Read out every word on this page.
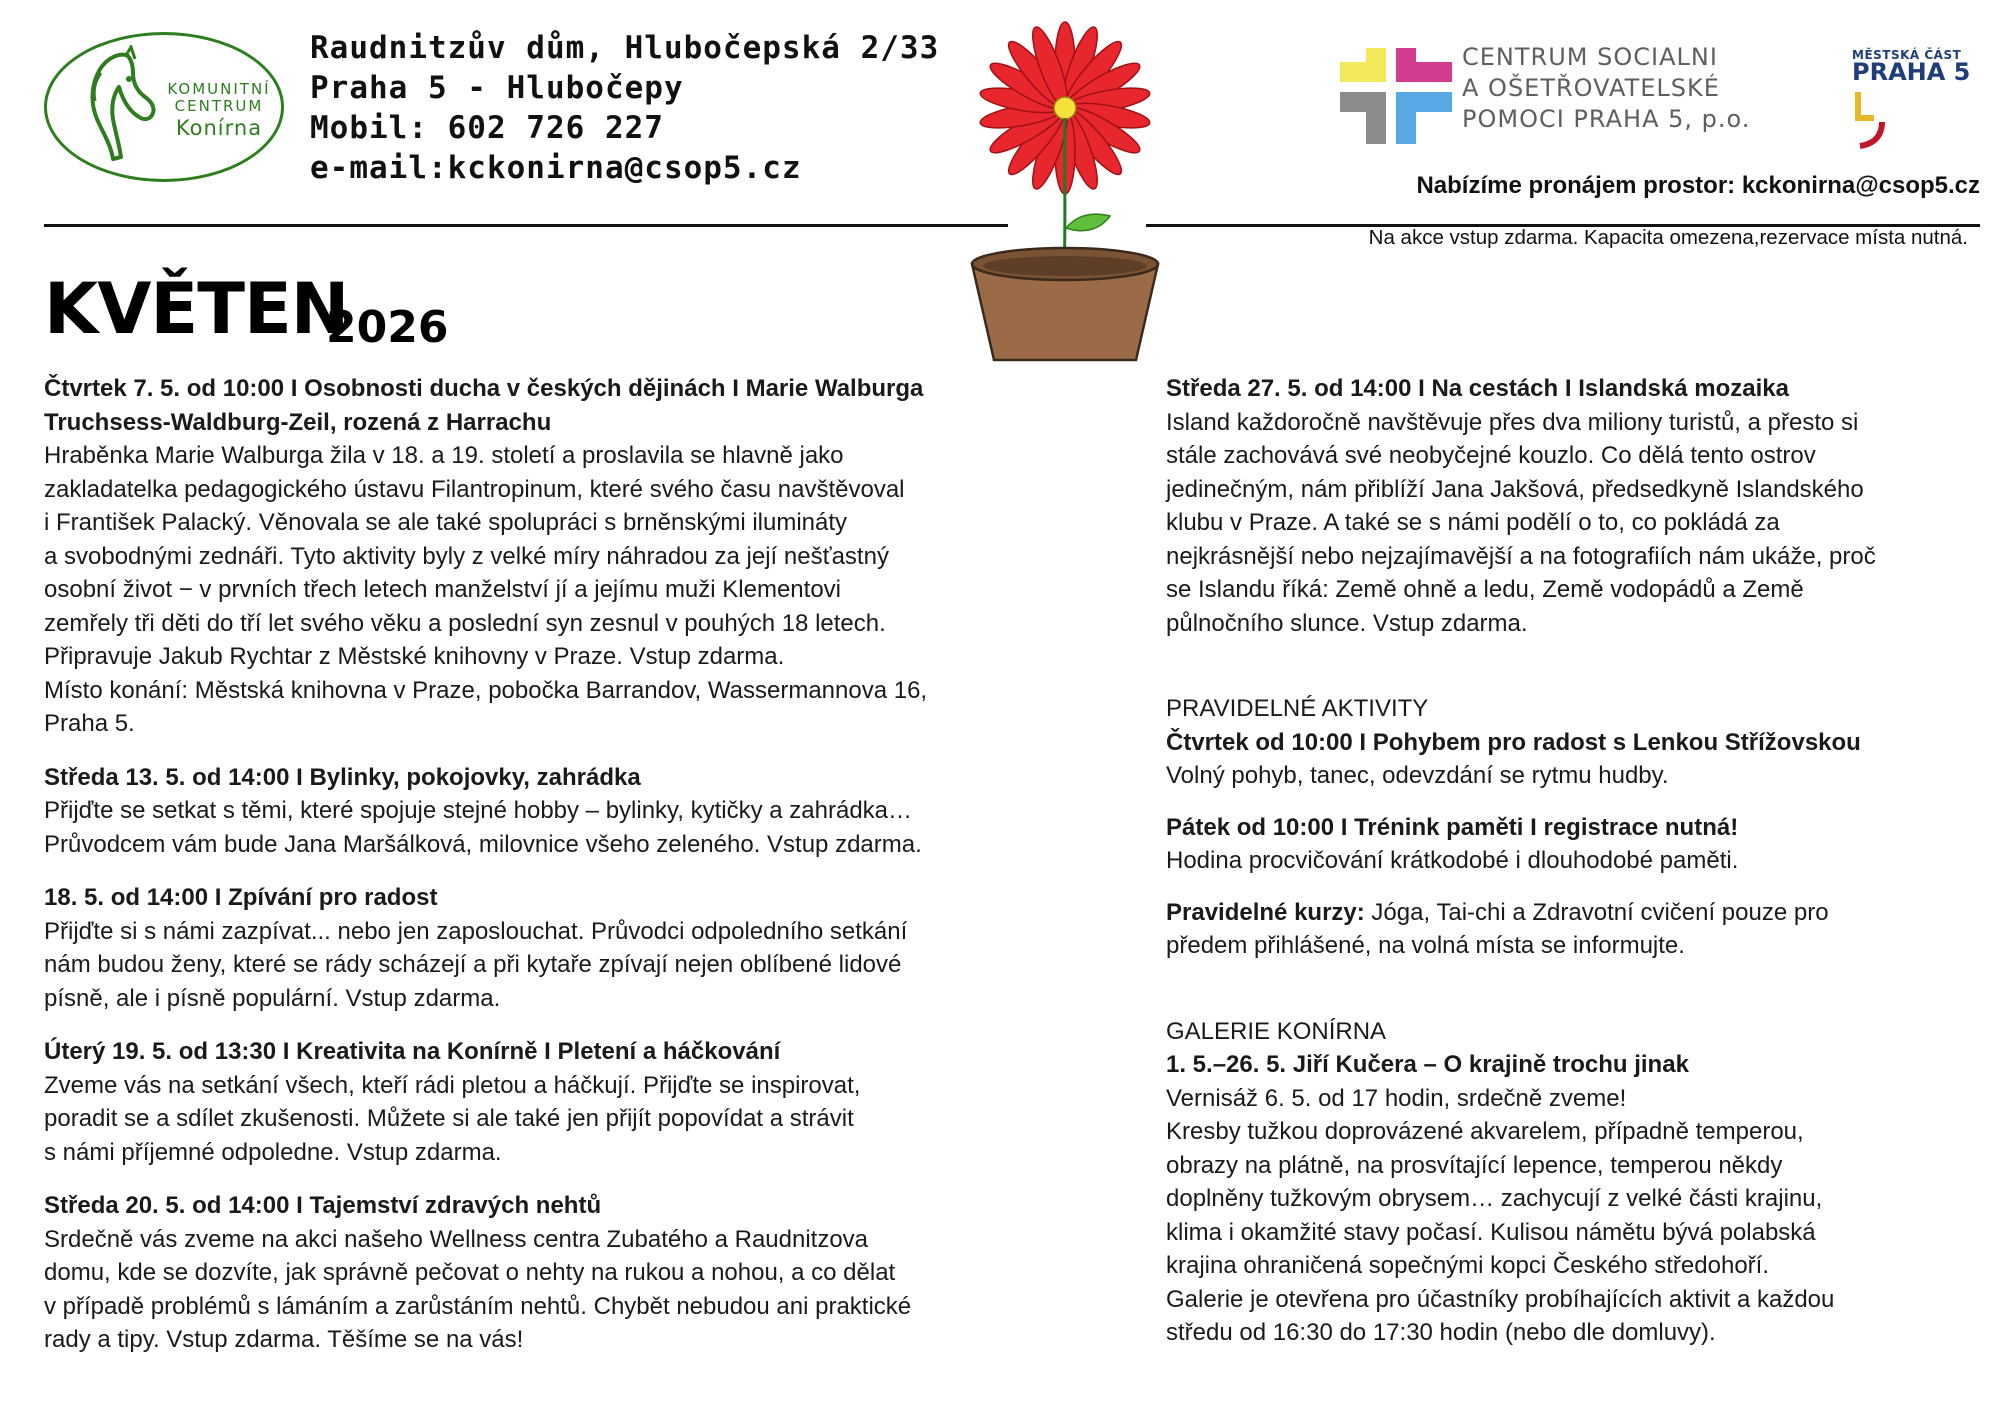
KOMUNITNÍ
CENTRUM
Konírna
Raudnitzův dům, Hlubočepská 2/33
Praha 5 - Hlubočepy
Mobil: 602 726 227
e-mail:kckonirna@csop5.cz
CENTRUM SOCIALNI
A OŠETŘOVATELSKÉ
POMOCI PRAHA 5, p.o.
MĚSTSKÁ ČÁST
PRAHA 5
Nabízíme pronájem prostor: kckonirna@csop5.cz
Na akce vstup zdarma. Kapacita omezena,rezervace místa nutná.
KVĚTEN
2026
Čtvrtek 7. 5. od 10:00 I Osobnosti ducha v českých dějinách I Marie Walburga
Truchsess-Waldburg-Zeil, rozená z Harrachu
Hraběnka Marie Walburga žila v 18. a 19. století a proslavila se hlavně jako
zakladatelka pedagogického ústavu Filantropinum, které svého času navštěvoval
i František Palacký. Věnovala se ale také spolupráci s brněnskými ilumináty
a svobodnými zednáři. Tyto aktivity byly z velké míry náhradou za její nešťastný
osobní život − v prvních třech letech manželství jí a jejímu muži Klementovi
zemřely tři děti do tří let svého věku a poslední syn zesnul v pouhých 18 letech.
Připravuje Jakub Rychtar z Městské knihovny v Praze. Vstup zdarma.
Místo konání: Městská knihovna v Praze, pobočka Barrandov, Wassermannova 16,
Praha 5.
Středa 13. 5. od 14:00 I Bylinky, pokojovky, zahrádka
Přijďte se setkat s těmi, které spojuje stejné hobby – bylinky, kytičky a zahrádka…
Průvodcem vám bude Jana Maršálková, milovnice všeho zeleného. Vstup zdarma.
18. 5. od 14:00 I Zpívání pro radost
Přijďte si s námi zazpívat... nebo jen zaposlouchat. Průvodci odpoledního setkání
nám budou ženy, které se rády scházejí a při kytaře zpívají nejen oblíbené lidové
písně, ale i písně populární. Vstup zdarma.
Úterý 19. 5. od 13:30 I Kreativita na Konírně I Pletení a háčkování
Zveme vás na setkání všech, kteří rádi pletou a háčkují. Přijďte se inspirovat,
poradit se a sdílet zkušenosti. Můžete si ale také jen přijít popovídat a strávit
s námi příjemné odpoledne. Vstup zdarma.
Středa 20. 5. od 14:00 I Tajemství zdravých nehtů
Srdečně vás zveme na akci našeho Wellness centra Zubatého a Raudnitzova
domu, kde se dozvíte, jak správně pečovat o nehty na rukou a nohou, a co dělat
v případě problémů s lámáním a zarůstáním nehtů. Chybět nebudou ani praktické
rady a tipy. Vstup zdarma. Těšíme se na vás!
Středa 27. 5. od 14:00 I Na cestách I Islandská mozaika
Island každoročně navštěvuje přes dva miliony turistů, a přesto si
stále zachovává své neobyčejné kouzlo. Co dělá tento ostrov
jedinečným, nám přiblíží Jana Jakšová, předsedkyně Islandského
klubu v Praze. A také se s námi podělí o to, co pokládá za
nejkrásnější nebo nejzajímavější a na fotografiích nám ukáže, proč
se Islandu říká: Země ohně a ledu, Země vodopádů a Země
půlnočního slunce. Vstup zdarma.
PRAVIDELNÉ AKTIVITY
Čtvrtek od 10:00 I Pohybem pro radost s Lenkou Střížovskou
Volný pohyb, tanec, odevzdání se rytmu hudby.
Pátek od 10:00 I Trénink paměti I registrace nutná!
Hodina procvičování krátkodobé i dlouhodobé paměti.
Pravidelné kurzy: Jóga, Tai-chi a Zdravotní cvičení pouze pro
předem přihlášené, na volná místa se informujte.
GALERIE KONÍRNA
1. 5.–26. 5. Jiří Kučera – O krajině trochu jinak
Vernisáž 6. 5. od 17 hodin, srdečně zveme!
Kresby tužkou doprovázené akvarelem, případně temperou,
obrazy na plátně, na prosvítající lepence, temperou někdy
doplněny tužkovým obrysem… zachycují z velké části krajinu,
klima i okamžité stavy počasí. Kulisou námětu bývá polabská
krajina ohraničená sopečnými kopci Českého středohoří.
Galerie je otevřena pro účastníky probíhajících aktivit a každou
středu od 16:30 do 17:30 hodin (nebo dle domluvy).
